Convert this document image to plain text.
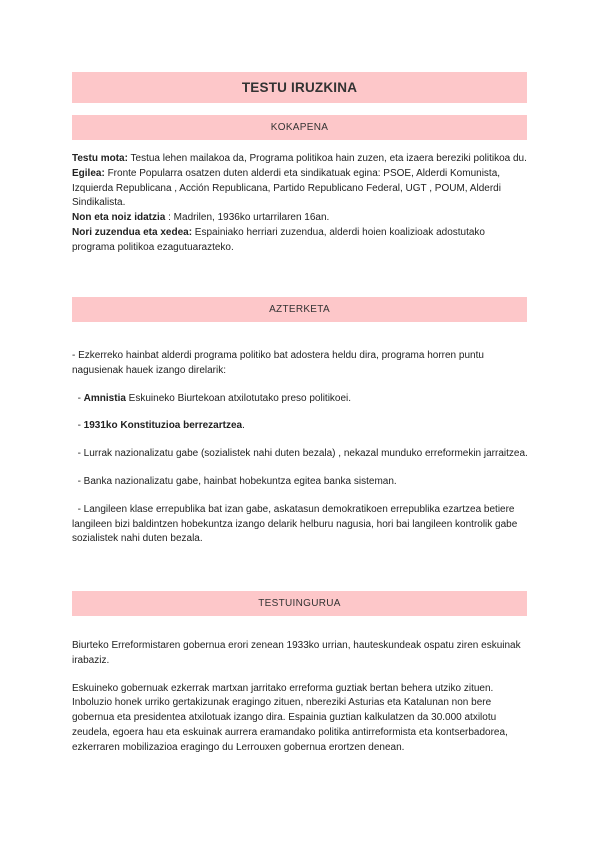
TESTU IRUZKINA
KOKAPENA

Testu mota: Testua lehen mailakoa da, Programa politikoa hain zuzen, eta izaera bereziki politikoa du.

Egilea: Fronte Popularra osatzen duten alderdi eta sindikatuak egina: PSOE, Alderdi Komunista, Izquierda Republicana , Acción Republicana, Partido Republicano Federal, UGT , POUM, Alderdi Sindikalista.

Non eta noiz idatzia : Madrilen, 1936ko urtarrilaren 16an.

Nori zuzendua eta xedea: Espainiako herriari zuzendua, alderdi hoien koalizioak adostutako programa politikoa ezagutuarazteko.

AZTERKETA

- Ezkerreko hainbat alderdi programa politiko bat adostera heldu dira, programa horren puntu nagusienak hauek izango direlarik:

- Amnistia Eskuineko Biurtekoan atxilotutako preso politikoei.

- 1931ko Konstituzioa berrezartzea.

- Lurrak nazionalizatu gabe (sozialistek nahi duten bezala) , nekazal munduko erreformekin jarraitzea.

- Banka nazionalizatu gabe, hainbat hobekuntza egitea banka sisteman.

- Langileen klase errepublika bat izan gabe, askatasun demokratikoen errepublika ezartzea betiere langileen bizi baldintzen hobekuntza izango delarik helburu nagusia, hori bai langileen kontrolik gabe sozialistek nahi duten bezala.

TESTUINGURUA

Biurteko Erreformistaren gobernua erori zenean 1933ko urrian, hauteskundeak ospatu ziren eskuinak irabaziz.

Eskuineko gobernuak ezkerrak martxan jarritako erreforma guztiak bertan behera utziko zituen. Inboluzio honek urriko gertakizunak eragingo zituen, nbereziki Asturias eta Katalunan non bere gobernua eta presidentea atxilotuak izango dira. Espainia guztian kalkulatzen da 30.000 atxilotu zeudela, egoera hau eta eskuinak aurrera eramandako politika antirreformista eta kontserbadorea, ezkerraren mobilizazioa eragingo du Lerrouxen gobernua erortzen denean.
